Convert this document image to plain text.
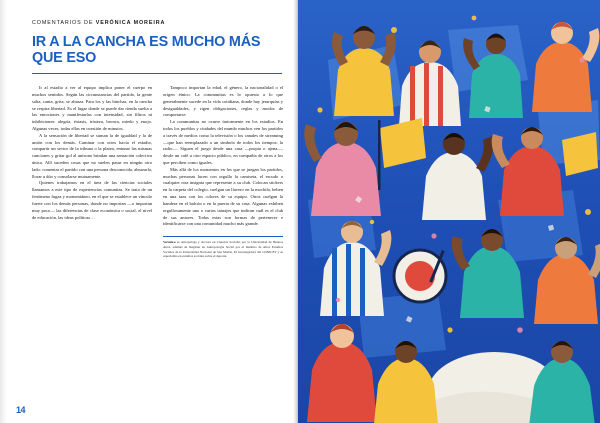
COMENTARIOS DE VERÓNICA MOREIRA
IR A LA CANCHA ES MUCHO MÁS QUE ESO

Ir al estadio a ver al equipo implica poner el cuerpo en muchos sentidos. Según las circunstancias del partido, la gente salta, canta, grita, se abraza. Para los y las hinchas, en la cancha se respira libertad. Es el lugar donde se puede dar rienda suelta a las emociones y manifestarlas con intensidad, sin filtros ni inhibiciones: alegría, éxtasis, tristeza, bronca, miedo y enojo. Algunas veces, todas ellas en cuestión de minutos.

A la sensación de libertad se suman la de igualdad y la de unión con los demás. Caminar con otros hacia el estadio, compartir un sector de la tribuna o la platea, entonar las mismas canciones y gritar gol al unísono brindan una sensación colectiva única. Allí suceden cosas que no suelen pasar en ningún otro lado: comentar el partido con una persona desconocida, abrazarla, llorar a dúo y consolarse mutuamente.

Quienes trabajamos en el área de las ciencias sociales llamamos a este tipo de experiencias comunitas. Se trata de un fenómeno fugaz y momentáneo, en el que se establece un vínculo fuerte con los demás personas, donde no importan —o importan muy poco— las diferencias de clase económica o social, el nivel de educación, las ideas políticas…

Tampoco importan la edad, el género, la nacionalidad o el origen étnico. La communitas es lo opuesto a lo que generalmente sucede en la vida cotidiana, donde hay jerarquías y desigualdades, y rigen obligaciones, reglas y modos de comportarse.

La communitas no ocurre únicamente en los estadios. En todos los pueblos y ciudades del mundo muchos ven los partidos a través de medios como la televisión o los canales de streaming —que han reemplazado a un símbolo de todos los tiempos: la radio—. Siguen el juego desde una casa —propia o ajena—, desde un café u otro espacio público, en compañía de otros a los que perciben como iguales.

Más allá de los momentos en los que se juegan los partidos, muchas personas lucen con orgullo la camiseta, el escudo o cualquier otra insignia que represente a su club. Colocan stickers en la carpeta del colegio, cuelgan un llavero en la mochila, beben en una taza con los colores de su equipo. Otros cuelgan la bandera en el balcón o en la puerta de su casa. Algunas exhiben orgullosamente uno o varios tatuajes que indican cuál es el club de sus amores. Todas estas son formas de pertenecer e identificarse con una comunidad mucho más grande.

Verónica es antropóloga y doctora en Ciencias Sociales por la Universidad de Buenos Aires, además de magíster en Antropología Social por el Instituto de Altos Estudios Sociales de la Universidad Nacional de San Martín. Es investigadora del CONICET y se especializa en estudios sociales sobre el deporte.
14
